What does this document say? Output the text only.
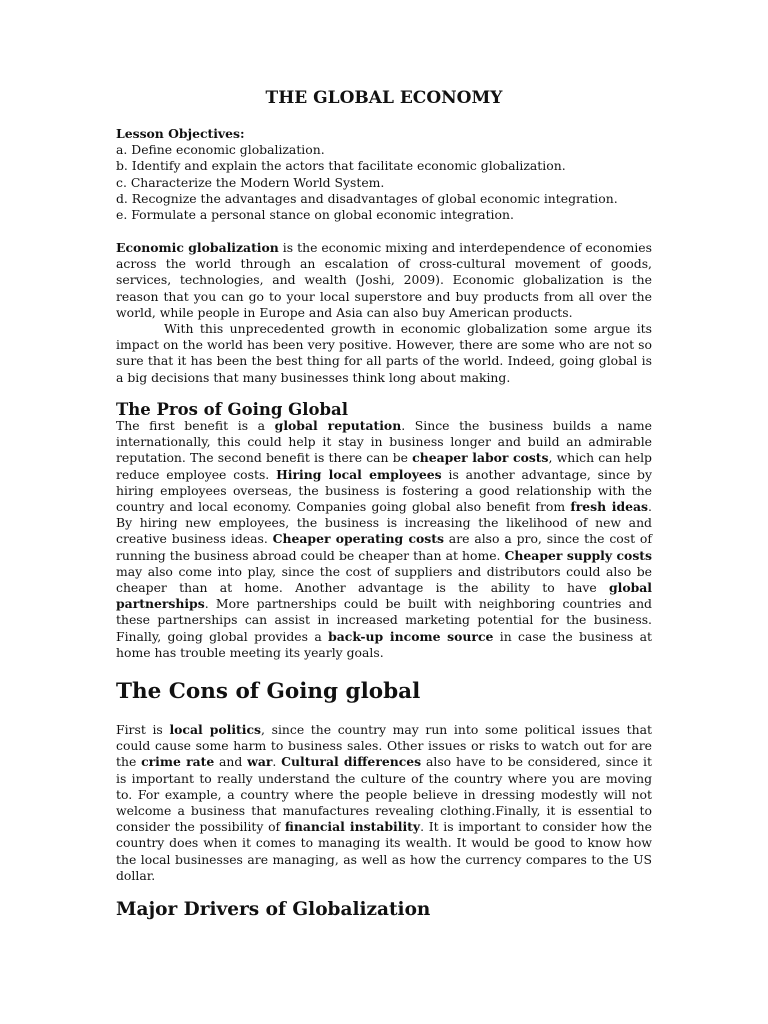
THE GLOBAL ECONOMY
Lesson Objectives:
a. Define economic globalization.
b. Identify and explain the actors that facilitate economic globalization.
c. Characterize the Modern World System.
d. Recognize the advantages and disadvantages of global economic integration.
e. Formulate a personal stance on global economic integration.

Economic globalization is the economic mixing and interdependence of economies across the world through an escalation of cross-cultural movement of goods, services, technologies, and wealth (Joshi, 2009). Economic globalization is the reason that you can go to your local superstore and buy products from all over the world, while people in Europe and Asia can also buy American products.

With this unprecedented growth in economic globalization some argue its impact on the world has been very positive. However, there are some who are not so sure that it has been the best thing for all parts of the world. Indeed, going global is a big decisions that many businesses think long about making.

The Pros of Going Global

The first benefit is a global reputation. Since the business builds a name internationally, this could help it stay in business longer and build an admirable reputation. The second benefit is there can be cheaper labor costs, which can help reduce employee costs. Hiring local employees is another advantage, since by hiring employees overseas, the business is fostering a good relationship with the country and local economy. Companies going global also benefit from fresh ideas. By hiring new employees, the business is increasing the likelihood of new and creative business ideas. Cheaper operating costs are also a pro, since the cost of running the business abroad could be cheaper than at home. Cheaper supply costs may also come into play, since the cost of suppliers and distributors could also be cheaper than at home. Another advantage is the ability to have global partnerships. More partnerships could be built with neighboring countries and these partnerships can assist in increased marketing potential for the business. Finally, going global provides a back-up income source in case the business at home has trouble meeting its yearly goals.

The Cons of Going global

First is local politics, since the country may run into some political issues that could cause some harm to business sales. Other issues or risks to watch out for are the crime rate and war. Cultural differences also have to be considered, since it is important to really understand the culture of the country where you are moving to. For example, a country where the people believe in dressing modestly will not welcome a business that manufactures revealing clothing.Finally, it is essential to consider the possibility of financial instability. It is important to consider how the country does when it comes to managing its wealth. It would be good to know how the local businesses are managing, as well as how the currency compares to the US dollar.

Major Drivers of Globalization
